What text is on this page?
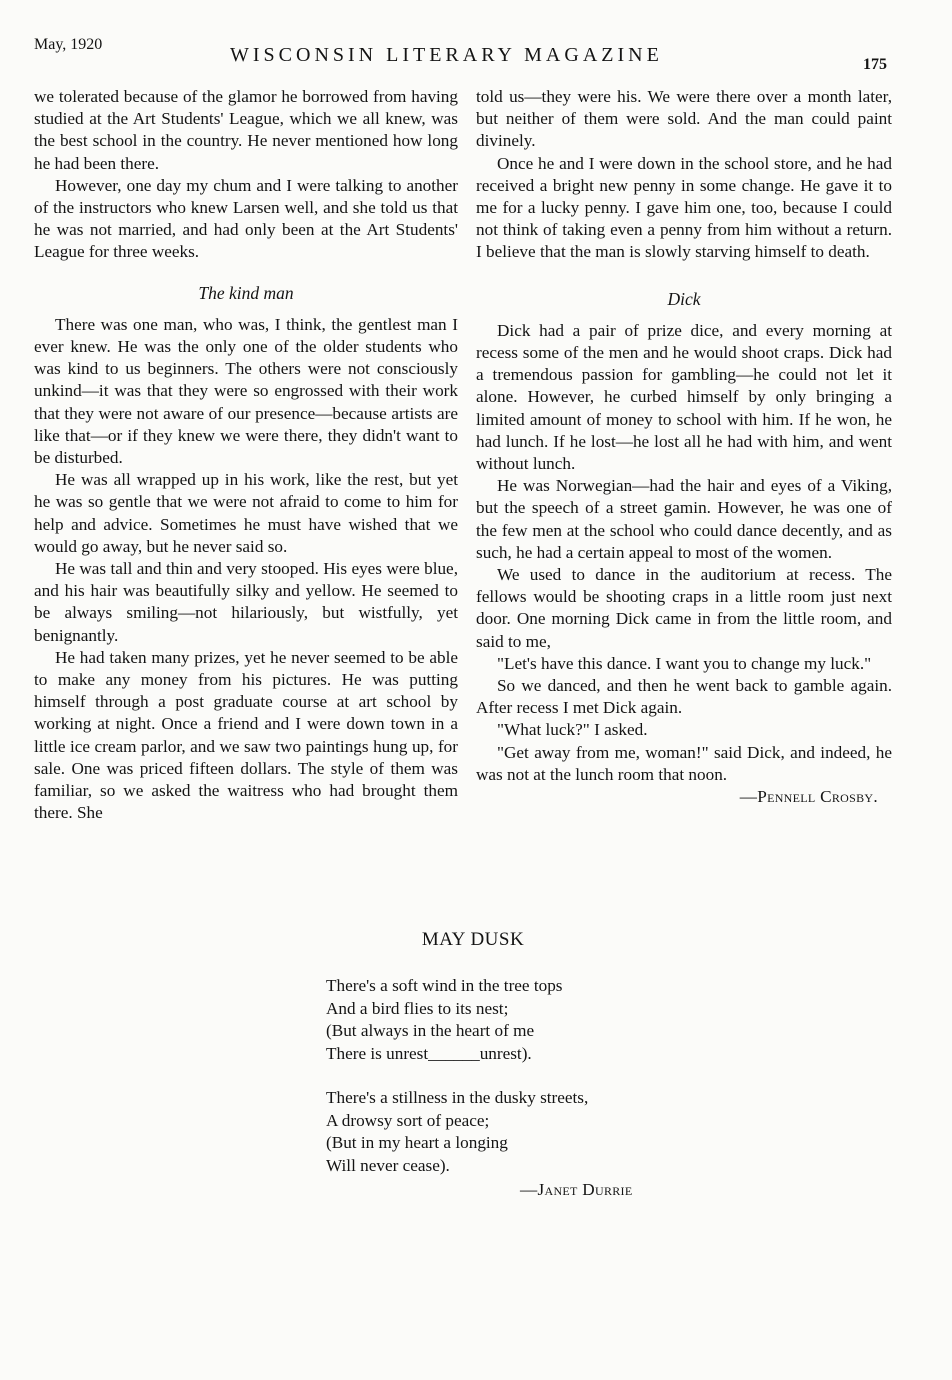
May, 1920	WISCONSIN LITERARY MAGAZINE	175

we tolerated because of the glamor he borrowed from having studied at the Art Students' League, which we all knew, was the best school in the country. He never mentioned how long he had been there.

However, one day my chum and I were talking to another of the instructors who knew Larsen well, and she told us that he was not married, and had only been at the Art Students' League for three weeks.

The kind man

There was one man, who was, I think, the gentlest man I ever knew. He was the only one of the older students who was kind to us beginners. The others were not consciously unkind—it was that they were so engrossed with their work that they were not aware of our presence—because artists are like that—or if they knew we were there, they didn't want to be disturbed.

He was all wrapped up in his work, like the rest, but yet he was so gentle that we were not afraid to come to him for help and advice. Sometimes he must have wished that we would go away, but he never said so.

He was tall and thin and very stooped. His eyes were blue, and his hair was beautifully silky and yellow. He seemed to be always smiling—not hilariously, but wistfully, yet benignantly.

He had taken many prizes, yet he never seemed to be able to make any money from his pictures. He was putting himself through a post graduate course at art school by working at night. Once a friend and I were down town in a little ice cream parlor, and we saw two paintings hung up, for sale. One was priced fifteen dollars. The style of them was familiar, so we asked the waitress who had brought them there. She

told us—they were his. We were there over a month later, but neither of them were sold. And the man could paint divinely.

Once he and I were down in the school store, and he had received a bright new penny in some change. He gave it to me for a lucky penny. I gave him one, too, because I could not think of taking even a penny from him without a return. I believe that the man is slowly starving himself to death.

Dick

Dick had a pair of prize dice, and every morning at recess some of the men and he would shoot craps. Dick had a tremendous passion for gambling—he could not let it alone. However, he curbed himself by only bringing a limited amount of money to school with him. If he won, he had lunch. If he lost—he lost all he had with him, and went without lunch.

He was Norwegian—had the hair and eyes of a Viking, but the speech of a street gamin. However, he was one of the few men at the school who could dance decently, and as such, he had a certain appeal to most of the women.

We used to dance in the auditorium at recess. The fellows would be shooting craps in a little room just next door. One morning Dick came in from the little room, and said to me,

"Let's have this dance. I want you to change my luck."

So we danced, and then he went back to gamble again. After recess I met Dick again.

"What luck?" I asked.

"Get away from me, woman!" said Dick, and indeed, he was not at the lunch room that noon.

—Pennell Crosby.
MAY DUSK
There's a soft wind in the tree tops
And a bird flies to its nest;
(But always in the heart of me
There is unrest______unrest).
There's a stillness in the dusky streets,
A drowsy sort of peace;
(But in my heart a longing
Will never cease).
—Janet Durrie
